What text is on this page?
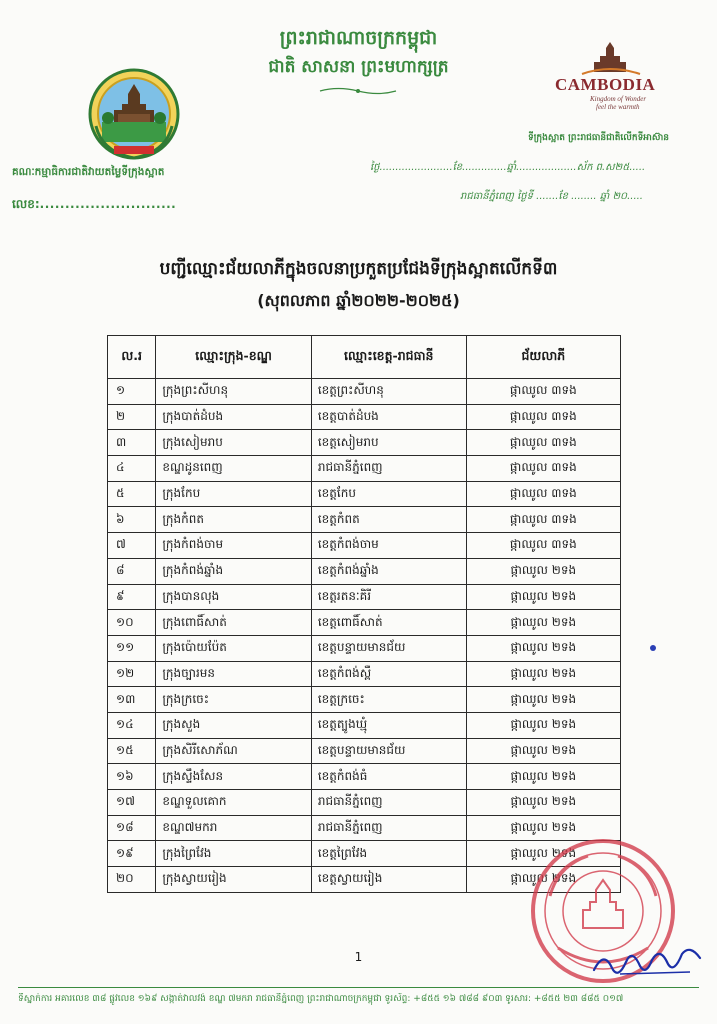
ព្រះរាជាណាចក្រកម្ពុជា
ជាតិ សាសនា ព្រះមហាក្សត្រ
គណៈកម្មាធិការជាតិវាយតម្លៃទីក្រុងស្អាត
លេខ:...........................
CAMBODIA
Kingdom of Wonder
feel the warmth
ទីក្រុងស្អាត ព្រះរាជធានីជាតិលើកទីអាស៊ាន
ថ្ងៃ.......................ខែ..............ឆ្នាំ...................ស័ក ព.ស២៥.....
រាជធានីភ្នំពេញ ថ្ងៃទី .......ខែ ........ ឆ្នាំ ២០.....
បញ្ជីឈ្មោះជ័យលាភីក្នុងចលនាប្រកួតប្រជែងទីក្រុងស្អាតលើកទី៣
(សុពលភាព ឆ្នាំ២០២២-២០២៥)
ល.រ	ឈ្មោះក្រុង-ខណ្ឌ	ឈ្មោះខេត្ត-រាជធានី	ជ័យលាភី
១	ក្រុងព្រះសីហនុ	ខេត្តព្រះសីហនុ	ផ្កាឈូល ៣ទង
២	ក្រុងបាត់ដំបង	ខេត្តបាត់ដំបង	ផ្កាឈូល ៣ទង
៣	ក្រុងសៀមរាប	ខេត្តសៀមរាប	ផ្កាឈូល ៣ទង
៤	ខណ្ឌដូនពេញ	រាជធានីភ្នំពេញ	ផ្កាឈូល ៣ទង
៥	ក្រុងកែប	ខេត្តកែប	ផ្កាឈូល ៣ទង
៦	ក្រុងកំពត	ខេត្តកំពត	ផ្កាឈូល ៣ទង
៧	ក្រុងកំពង់ចាម	ខេត្តកំពង់ចាម	ផ្កាឈូល ៣ទង
៨	ក្រុងកំពង់ឆ្នាំង	ខេត្តកំពង់ឆ្នាំង	ផ្កាឈូល ២ទង
៩	ក្រុងបានលុង	ខេត្តរតនៈគិរី	ផ្កាឈូល ២ទង
១០	ក្រុងពោធិ៍សាត់	ខេត្តពោធិ៍សាត់	ផ្កាឈូល ២ទង
១១	ក្រុងប៉ោយប៉ែត	ខេត្តបន្ទាយមានជ័យ	ផ្កាឈូល ២ទង
១២	ក្រុងច្បារមន	ខេត្តកំពង់ស្ពឺ	ផ្កាឈូល ២ទង
១៣	ក្រុងក្រចេះ	ខេត្តក្រចេះ	ផ្កាឈូល ២ទង
១៤	ក្រុងសួង	ខេត្តត្បូងឃ្មុំ	ផ្កាឈូល ២ទង
១៥	ក្រុងសិរីសោភ័ណ	ខេត្តបន្ទាយមានជ័យ	ផ្កាឈូល ២ទង
១៦	ក្រុងស្ទឹងសែន	ខេត្តកំពង់ធំ	ផ្កាឈូល ២ទង
១៧	ខណ្ឌទួលគោក	រាជធានីភ្នំពេញ	ផ្កាឈូល ២ទង
១៨	ខណ្ឌ៧មករា	រាជធានីភ្នំពេញ	ផ្កាឈូល ២ទង
១៩	ក្រុងព្រៃវែង	ខេត្តព្រៃវែង	ផ្កាឈូល ២ទង
២០	ក្រុងស្វាយរៀង	ខេត្តស្វាយរៀង	ផ្កាឈូល ២ទង
1
ទីស្នាក់ការ អគារលេខ ៣៨ ផ្លូវលេខ ១៦៩ សង្កាត់វាលវង់ ខណ្ឌ ៧មករា រាជធានីភ្នំពេញ ព្រះរាជាណាចក្រកម្ពុជា ទូរស័ព្ទ: +៨៥៥ ១៦ ៧៨៨ ៩០៣ ទូរសារ: +៨៥៥ ២៣ ៨៨៥ ០១៧
